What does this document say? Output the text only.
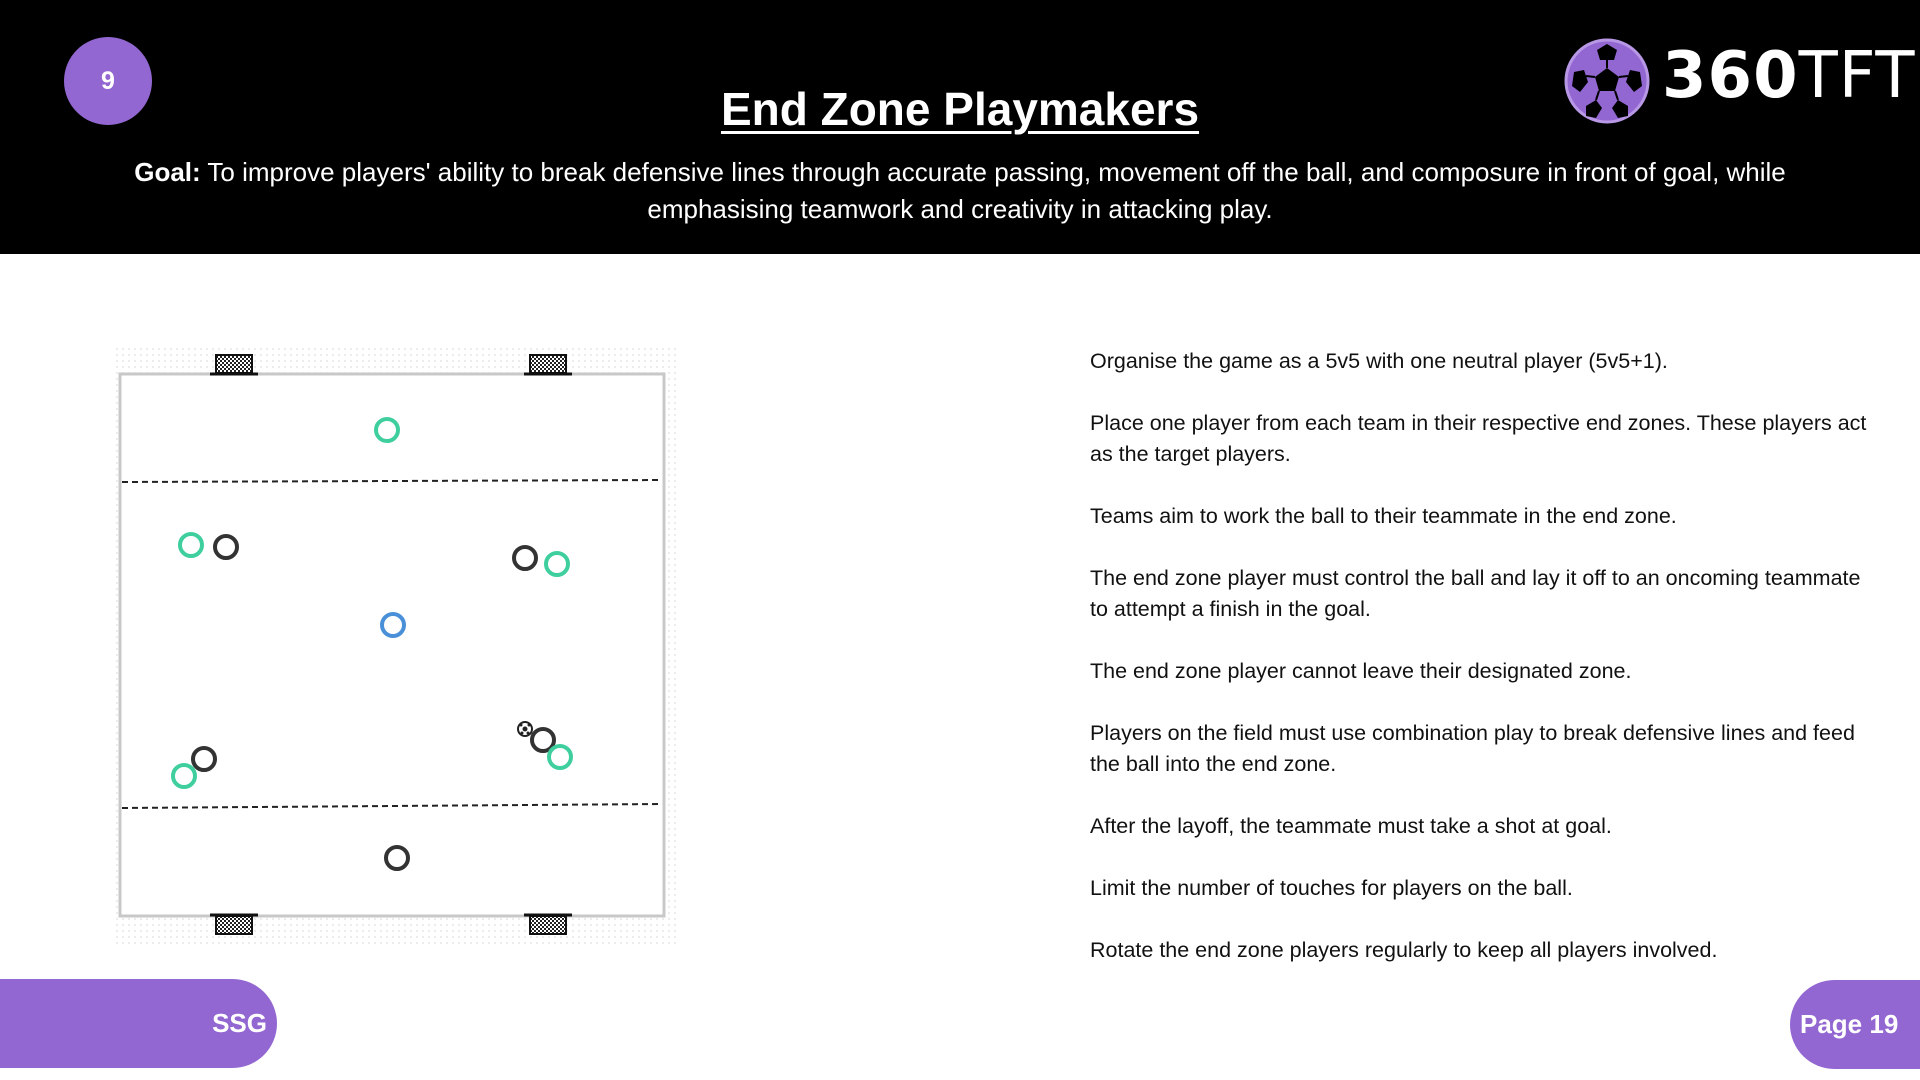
9
End Zone Playmakers	360TFT

Goal: To improve players' ability to break defensive lines through accurate passing, movement off the ball, and composure in front of goal, while emphasising teamwork and creativity in attacking play.

Organise the game as a 5v5 with one neutral player (5v5+1).
Place one player from each team in their respective end zones. These players act as the target players.
Teams aim to work the ball to their teammate in the end zone.
The end zone player must control the ball and lay it off to an oncoming teammate to attempt a finish in the goal.
The end zone player cannot leave their designated zone.
Players on the field must use combination play to break defensive lines and feed the ball into the end zone.
After the layoff, the teammate must take a shot at goal.
Limit the number of touches for players on the ball.
Rotate the end zone players regularly to keep all players involved.
SSG	Page 19
